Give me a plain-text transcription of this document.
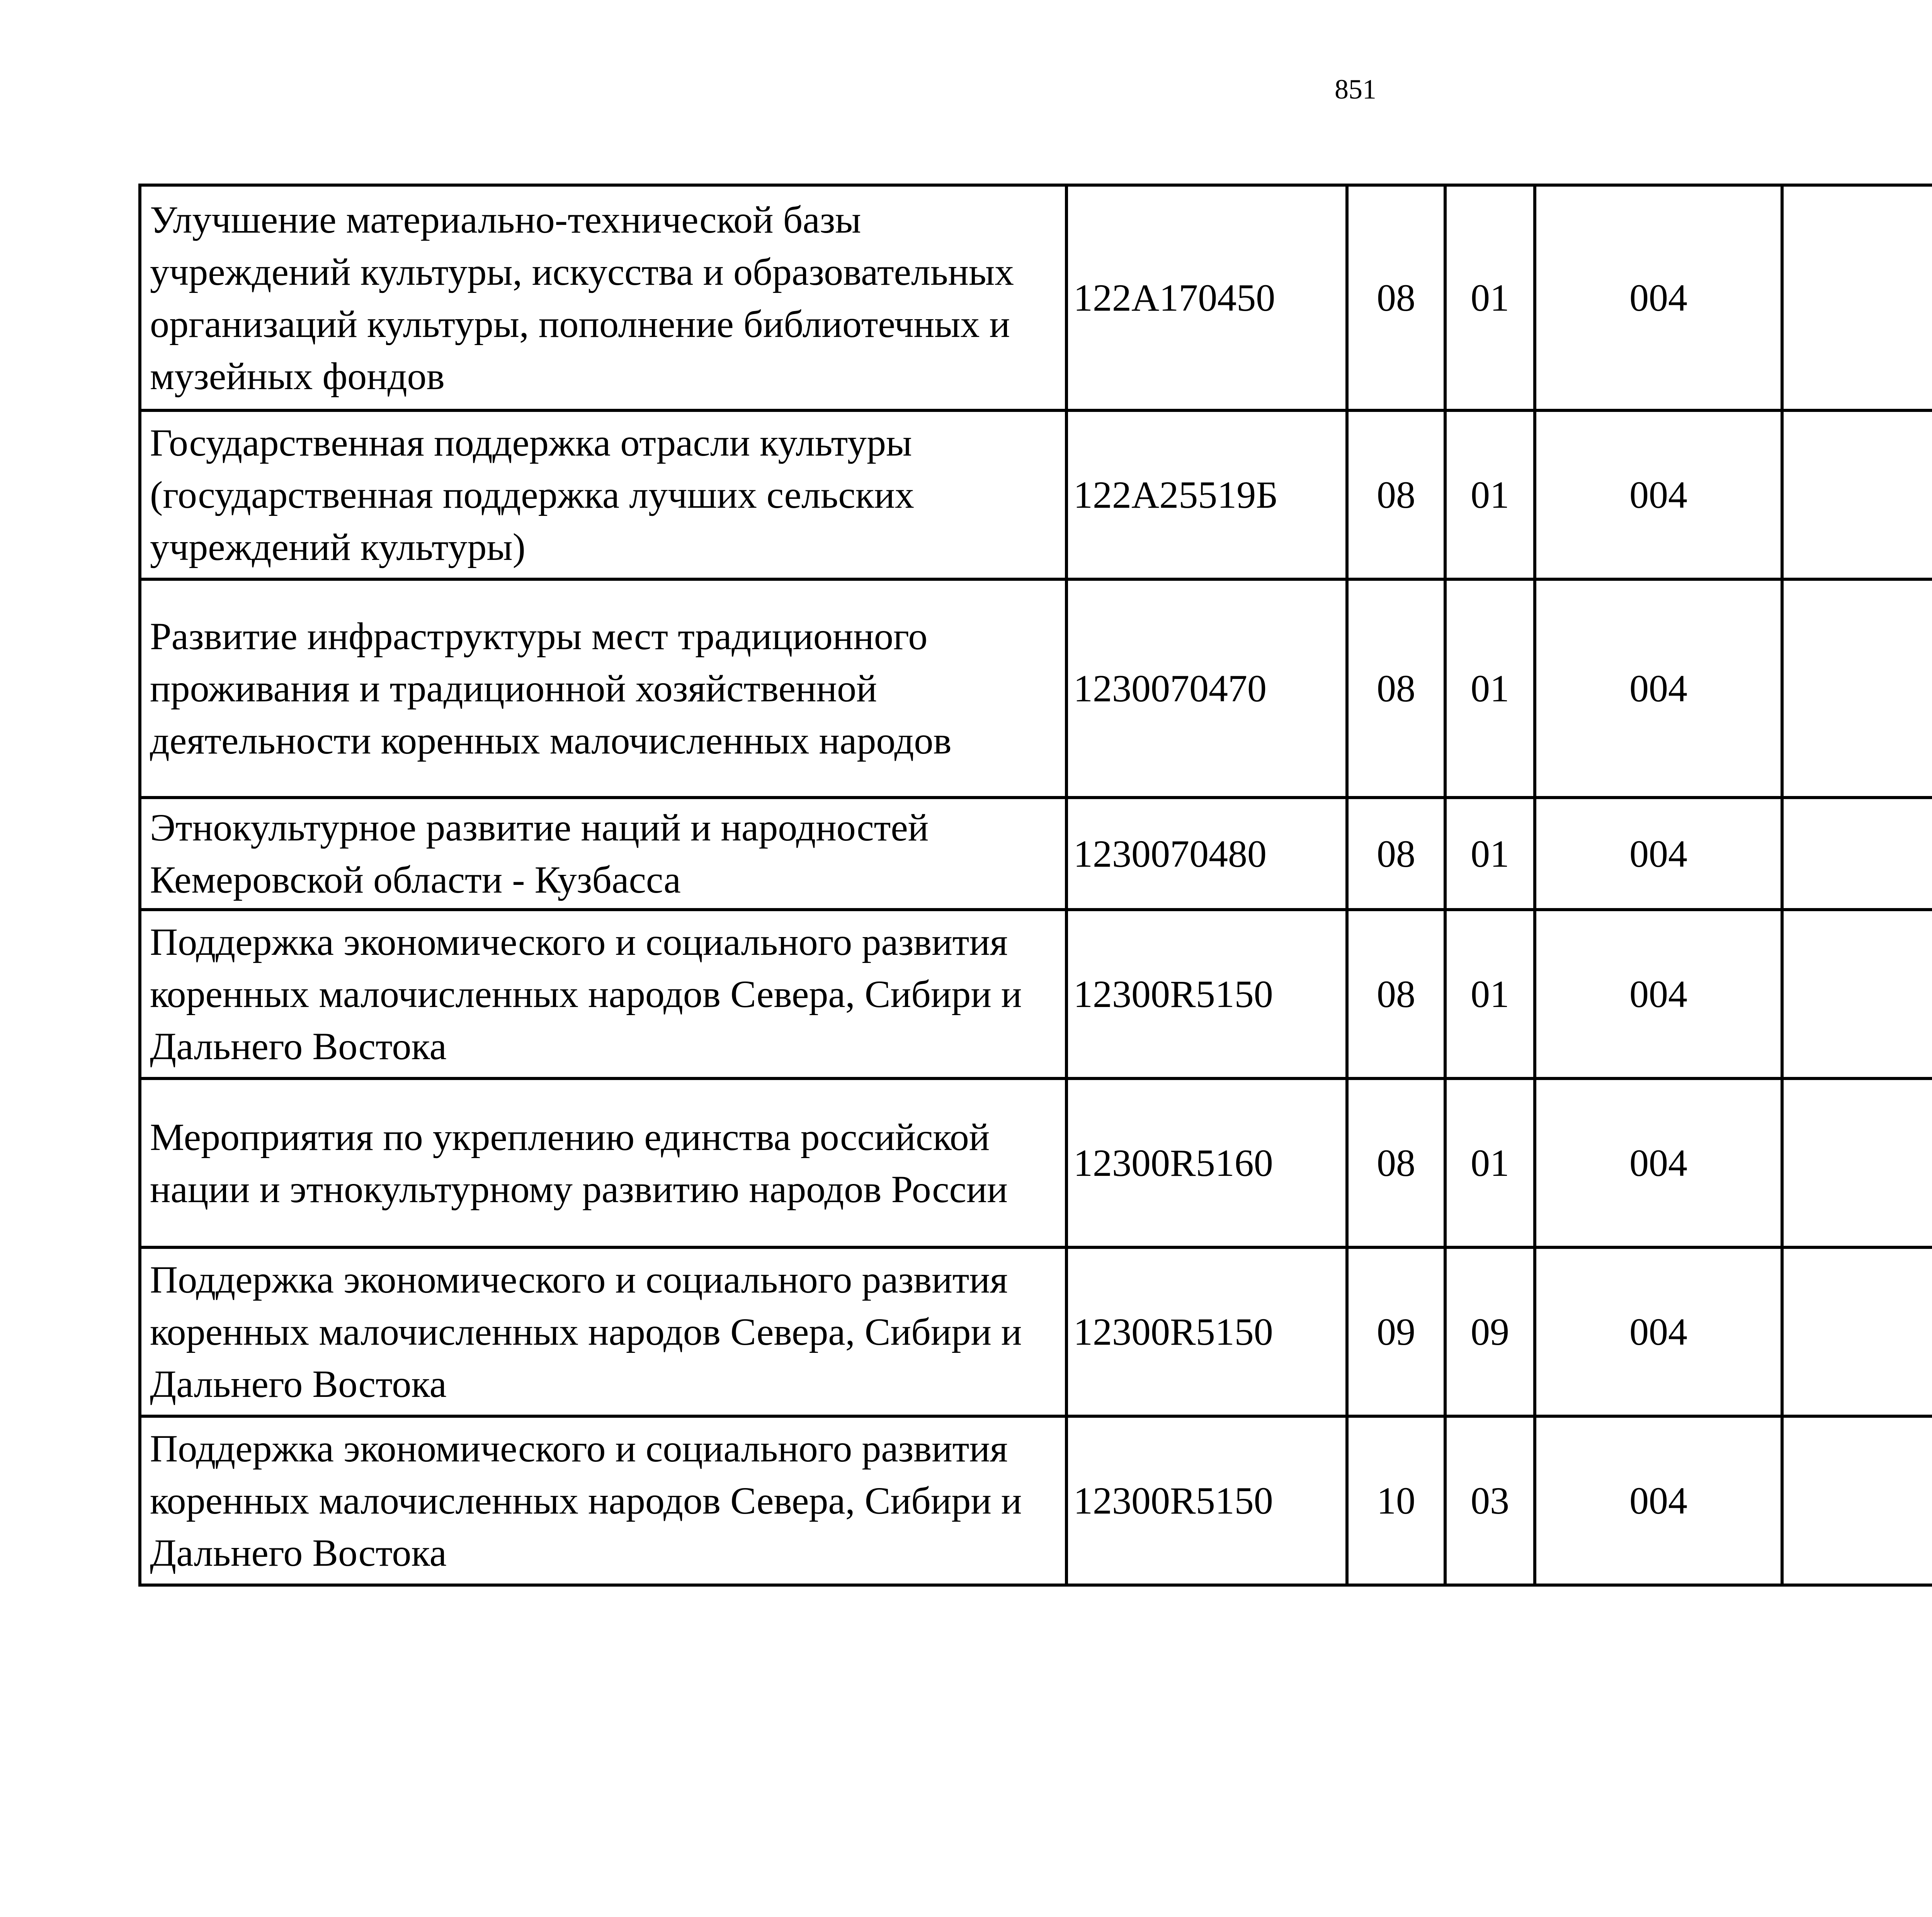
851
Улучшение материально-технической базы учреждений культуры, искусства и образовательных организаций культуры, пополнение библиотечных и музейных фондов	122A170450	08	01	004			
Государственная поддержка отрасли культуры (государственная поддержка лучших сельских учреждений культуры)	122A25519Б	08	01	004			
Развитие инфраструктуры мест традиционного проживания и традиционной хозяйственной деятельности коренных малочисленных народов	1230070470	08	01	004			
Этнокультурное развитие наций и народностей Кемеровской области - Кузбасса	1230070480	08	01	004			
Поддержка экономического и социального развития коренных малочисленных народов Севера, Сибири и Дальнего Востока	12300R5150	08	01	004			
Мероприятия по укреплению единства российской нации и этнокультурному развитию народов России	12300R5160	08	01	004			
Поддержка экономического и социального развития коренных малочисленных народов Севера, Сибири и Дальнего Востока	12300R5150	09	09	004			
Поддержка экономического и социального развития коренных малочисленных народов Севера, Сибири и Дальнего Востока	12300R5150	10	03	004			
